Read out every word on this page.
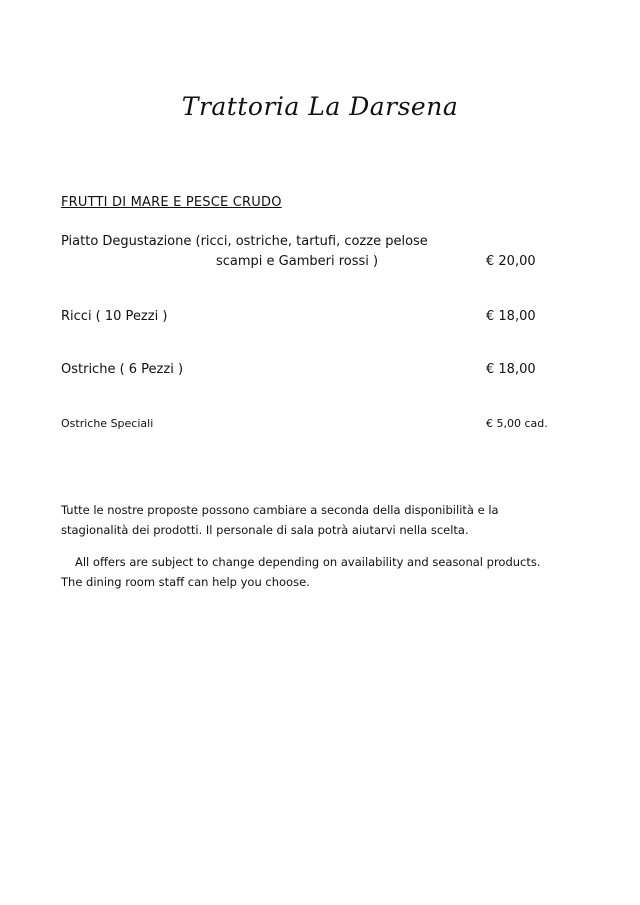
Trattoria La Darsena
FRUTTI DI MARE E PESCE CRUDO
Piatto Degustazione (ricci, ostriche, tartufi, cozze pelose
scampi e Gamberi rossi )	€ 20,00
Ricci ( 10 Pezzi )	€ 18,00
Ostriche ( 6 Pezzi )	€ 18,00
Ostriche Speciali	€ 5,00 cad.
Tutte le nostre proposte possono cambiare a seconda della disponibilità e la stagionalità dei prodotti. Il personale di sala potrà aiutarvi nella scelta.
All offers are subject to change depending on availability and seasonal products. The dining room staff can help you choose.
